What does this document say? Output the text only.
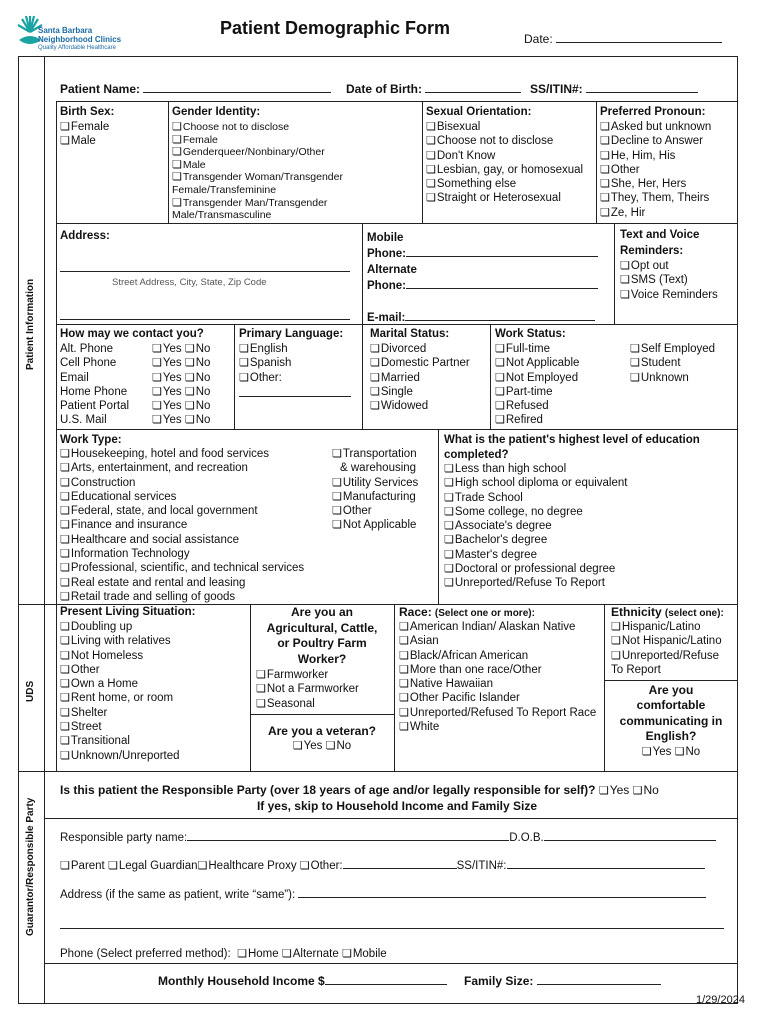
Santa Barbara
Neighborhood Clinics
Quality Affordable Healthcare
Patient Demographic Form
Date:
Patient Information
UDS
Guarantor/Responsible Party
Patient Name:	Date of Birth:	SS/ITIN#:
Birth Sex:
❏ Female
❏ Male
Gender Identity:
❏ Choose not to disclose
❏ Female
❏ Genderqueer/Nonbinary/Other
❏ Male
❏ Transgender Woman/Transgender
Female/Transfeminine
❏ Transgender Man/Transgender
Male/Transmasculine
Sexual Orientation:
❏ Bisexual
❏ Choose not to disclose
❏ Don't Know
❏ Lesbian, gay, or homosexual
❏ Something else
❏ Straight or Heterosexual
Preferred Pronoun:
❏ Asked but unknown
❏ Decline to Answer
❏ He, Him, His
❏ Other
❏ She, Her, Hers
❏ They, Them, Theirs
❏ Ze, Hir
Address:
Street Address, City, State, Zip Code
Mobile
Phone:
Alternate
Phone:
E-mail:
Text and Voice
Reminders:
❏ Opt out
❏ SMS (Text)
❏ Voice Reminders
How may we contact you?
Alt. Phone	❏ Yes ❏ No
Cell Phone	❏ Yes ❏ No
Email	❏ Yes ❏ No
Home Phone	❏ Yes ❏ No
Patient Portal	❏ Yes ❏ No
U.S. Mail	❏ Yes ❏ No
Primary Language:
❏ English
❏ Spanish
❏ Other:
Marital Status:
❏ Divorced
❏ Domestic Partner
❏ Married
❏ Single
❏ Widowed
Work Status:
❏ Full-time
❏ Not Applicable
❏ Not Employed
❏ Part-time
❏ Refused
❏ Refired
❏ Self Employed
❏ Student
❏ Unknown
Work Type:
❏ Housekeeping, hotel and food services
❏ Arts, entertainment, and recreation
❏ Construction
❏ Educational services
❏ Federal, state, and local government
❏ Finance and insurance
❏ Healthcare and social assistance
❏ Information Technology
❏ Professional, scientific, and technical services
❏ Real estate and rental and leasing
❏ Retail trade and selling of goods
❏ Transportation
& warehousing
❏ Utility Services
❏ Manufacturing
❏ Other
❏ Not Applicable
What is the patient's highest level of education
completed?
❏ Less than high school
❏ High school diploma or equivalent
❏ Trade School
❏ Some college, no degree
❏ Associate's degree
❏ Bachelor's degree
❏ Master's degree
❏ Doctoral or professional degree
❏ Unreported/Refuse To Report
Present Living Situation:
❏ Doubling up
❏ Living with relatives
❏ Not Homeless
❏ Other
❏ Own a Home
❏ Rent home, or room
❏ Shelter
❏ Street
❏ Transitional
❏ Unknown/Unreported
Are you an
Agricultural, Cattle,
or Poultry Farm
Worker?
❏ Farmworker
❏ Not a Farmworker
❏ Seasonal
Are you a veteran?
❏ Yes ❏ No
Race: (Select one or more):
❏ American Indian/ Alaskan Native
❏ Asian
❏ Black/African American
❏ More than one race/Other
❏ Native Hawaiian
❏ Other Pacific Islander
❏ Unreported/Refused To Report Race
❏ White
Ethnicity (select one):
❏ Hispanic/Latino
❏ Not Hispanic/Latino
❏ Unreported/Refuse
To Report
Are you
comfortable
communicating in
English?
❏ Yes ❏ No
Is this patient the Responsible Party (over 18 years of age and/or legally responsible for self)? ❏ Yes ❏ No
If yes, skip to Household Income and Family Size
Responsible party name:	D.O.B.
❏ Parent ❏ Legal Guardian ❏ Healthcare Proxy ❏ Other:	SS/ITIN#:
Address (if the same as patient, write “same”):
Phone (Select preferred method): ❏ Home ❏ Alternate ❏ Mobile
Monthly Household Income $	Family Size:
1/29/2024
